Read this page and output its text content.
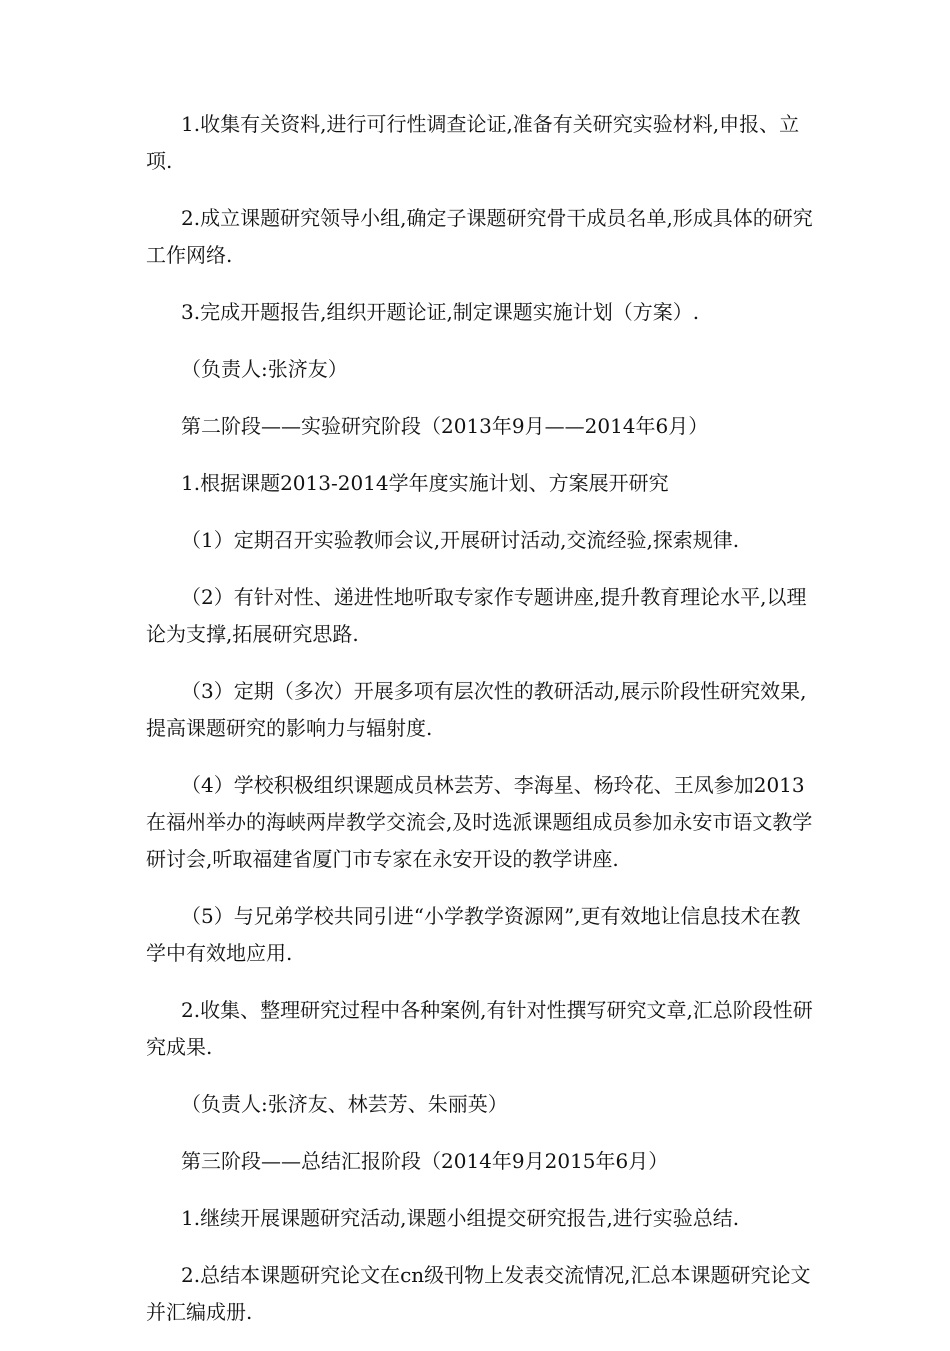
1.收集有关资料,进行可行性调查论证,准备有关研究实验材料,申报、立项.

2.成立课题研究领导小组,确定子课题研究骨干成员名单,形成具体的研究工作网络.

3.完成开题报告,组织开题论证,制定课题实施计划（方案）.

（负责人:张济友）

第二阶段——实验研究阶段（2013年9月——2014年6月）

1.根据课题2013-2014学年度实施计划、方案展开研究

（1）定期召开实验教师会议,开展研讨活动,交流经验,探索规律.

（2）有针对性、递进性地听取专家作专题讲座,提升教育理论水平,以理论为支撑,拓展研究思路.

（3）定期（多次）开展多项有层次性的教研活动,展示阶段性研究效果,提高课题研究的影响力与辐射度.

（4）学校积极组织课题成员林芸芳、李海星、杨玲花、王凤参加2013在福州举办的海峡两岸教学交流会,及时选派课题组成员参加永安市语文教学研讨会,听取福建省厦门市专家在永安开设的教学讲座.

（5）与兄弟学校共同引进“小学教学资源网”,更有效地让信息技术在教学中有效地应用.

2.收集、整理研究过程中各种案例,有针对性撰写研究文章,汇总阶段性研究成果.

（负责人:张济友、林芸芳、朱丽英）

第三阶段——总结汇报阶段（2014年9月2015年6月）

1.继续开展课题研究活动,课题小组提交研究报告,进行实验总结.

2.总结本课题研究论文在cn级刊物上发表交流情况,汇总本课题研究论文并汇编成册.
